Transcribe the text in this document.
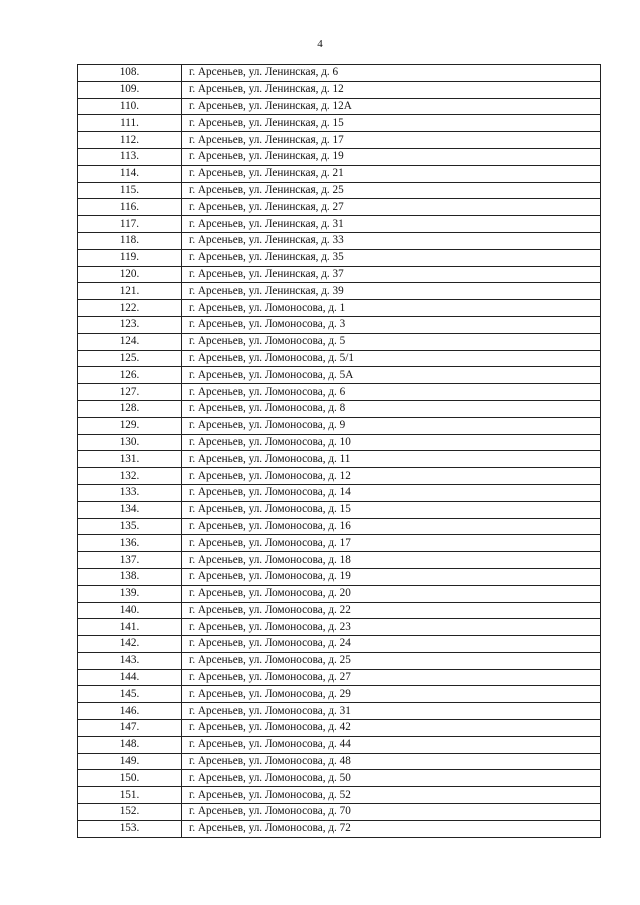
4
108.	г. Арсеньев, ул. Ленинская, д. 6
109.	г. Арсеньев, ул. Ленинская, д. 12
110.	г. Арсеньев, ул. Ленинская, д. 12А
111.	г. Арсеньев, ул. Ленинская, д. 15
112.	г. Арсеньев, ул. Ленинская, д. 17
113.	г. Арсеньев, ул. Ленинская, д. 19
114.	г. Арсеньев, ул. Ленинская, д. 21
115.	г. Арсеньев, ул. Ленинская, д. 25
116.	г. Арсеньев, ул. Ленинская, д. 27
117.	г. Арсеньев, ул. Ленинская, д. 31
118.	г. Арсеньев, ул. Ленинская, д. 33
119.	г. Арсеньев, ул. Ленинская, д. 35
120.	г. Арсеньев, ул. Ленинская, д. 37
121.	г. Арсеньев, ул. Ленинская, д. 39
122.	г. Арсеньев, ул. Ломоносова, д. 1
123.	г. Арсеньев, ул. Ломоносова, д. 3
124.	г. Арсеньев, ул. Ломоносова, д. 5
125.	г. Арсеньев, ул. Ломоносова, д. 5/1
126.	г. Арсеньев, ул. Ломоносова, д. 5А
127.	г. Арсеньев, ул. Ломоносова, д. 6
128.	г. Арсеньев, ул. Ломоносова, д. 8
129.	г. Арсеньев, ул. Ломоносова, д. 9
130.	г. Арсеньев, ул. Ломоносова, д. 10
131.	г. Арсеньев, ул. Ломоносова, д. 11
132.	г. Арсеньев, ул. Ломоносова, д. 12
133.	г. Арсеньев, ул. Ломоносова, д. 14
134.	г. Арсеньев, ул. Ломоносова, д. 15
135.	г. Арсеньев, ул. Ломоносова, д. 16
136.	г. Арсеньев, ул. Ломоносова, д. 17
137.	г. Арсеньев, ул. Ломоносова, д. 18
138.	г. Арсеньев, ул. Ломоносова, д. 19
139.	г. Арсеньев, ул. Ломоносова, д. 20
140.	г. Арсеньев, ул. Ломоносова, д. 22
141.	г. Арсеньев, ул. Ломоносова, д. 23
142.	г. Арсеньев, ул. Ломоносова, д. 24
143.	г. Арсеньев, ул. Ломоносова, д. 25
144.	г. Арсеньев, ул. Ломоносова, д. 27
145.	г. Арсеньев, ул. Ломоносова, д. 29
146.	г. Арсеньев, ул. Ломоносова, д. 31
147.	г. Арсеньев, ул. Ломоносова, д. 42
148.	г. Арсеньев, ул. Ломоносова, д. 44
149.	г. Арсеньев, ул. Ломоносова, д. 48
150.	г. Арсеньев, ул. Ломоносова, д. 50
151.	г. Арсеньев, ул. Ломоносова, д. 52
152.	г. Арсеньев, ул. Ломоносова, д. 70
153.	г. Арсеньев, ул. Ломоносова, д. 72
